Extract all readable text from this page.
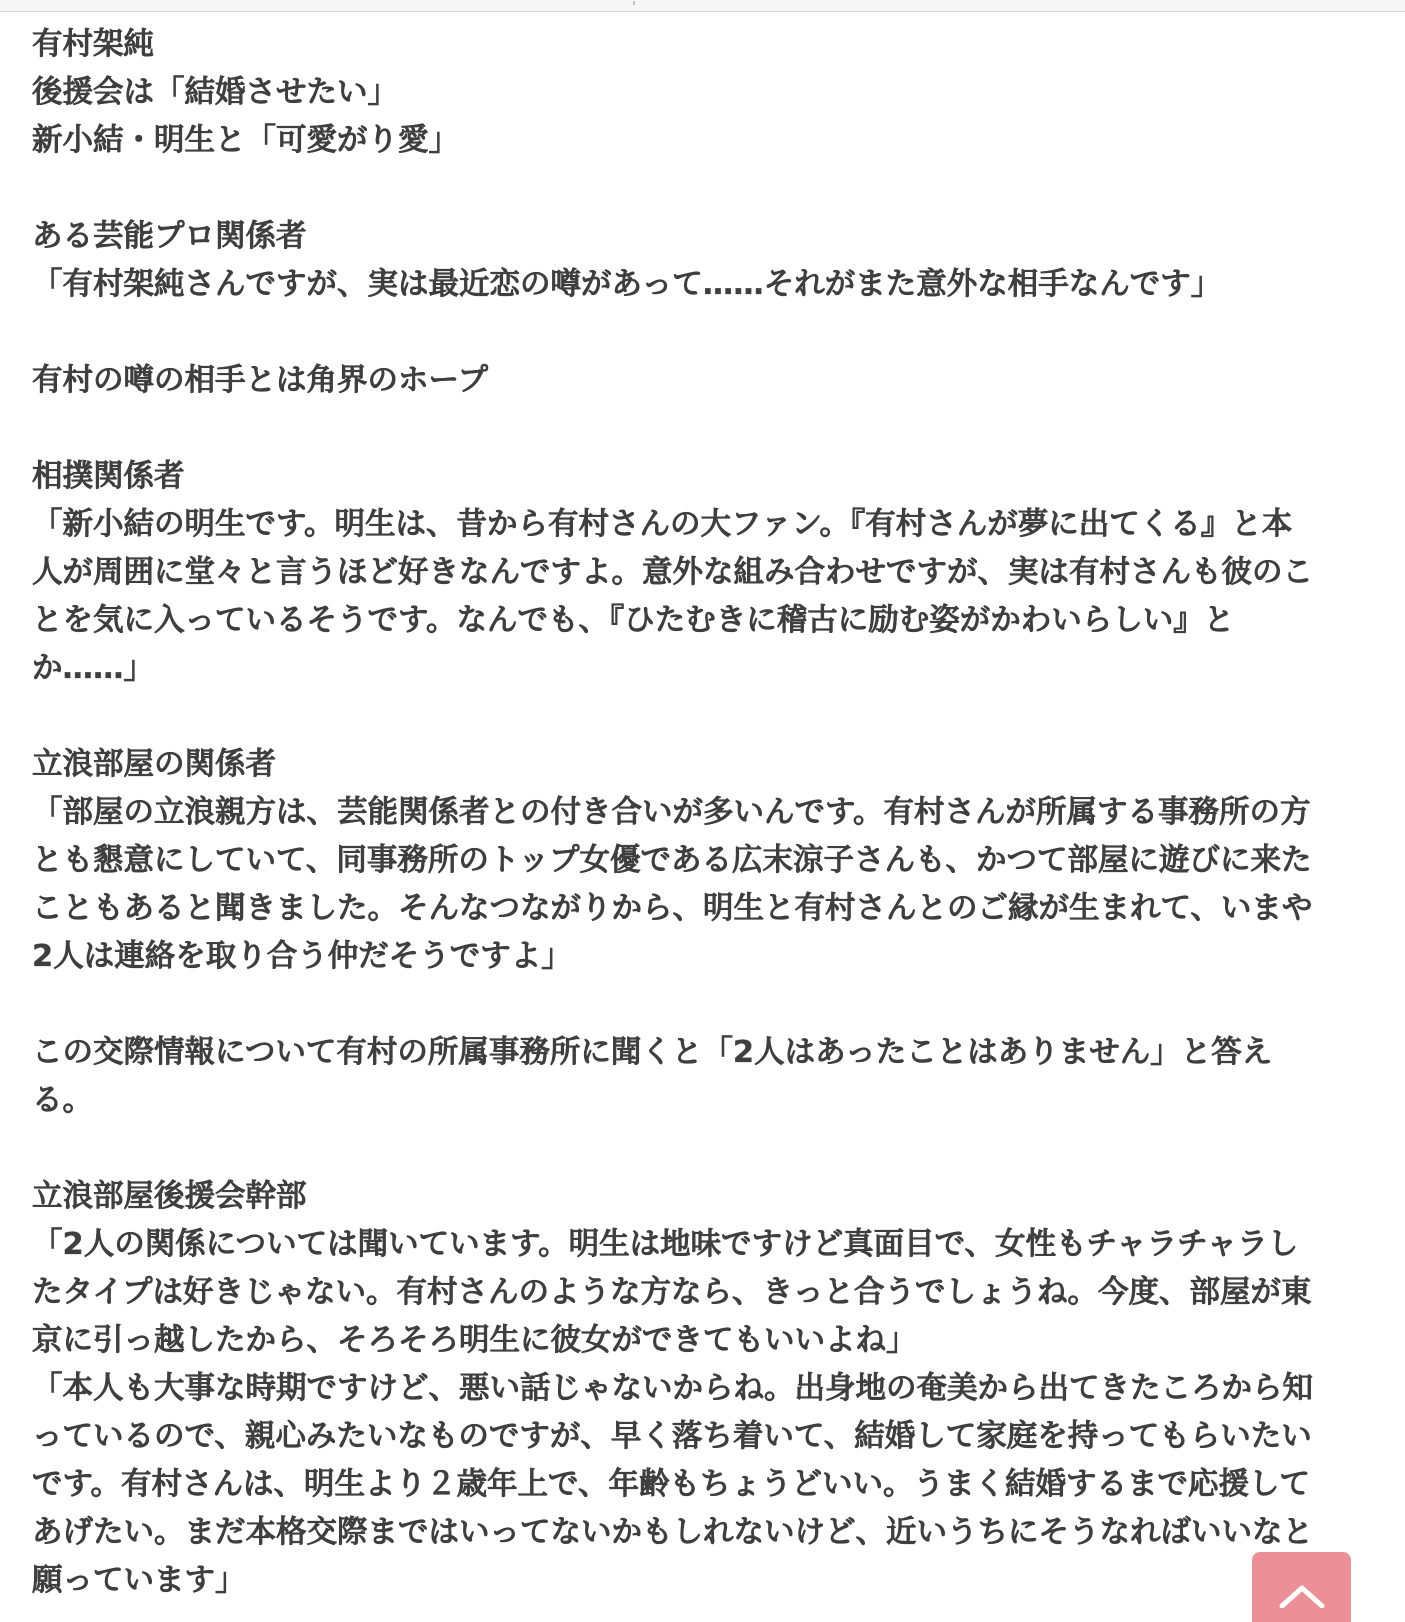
有村架純
後援会は「結婚させたい」
新小結・明生と「可愛がり愛」
ある芸能プロ関係者
「有村架純さんですが、実は最近恋の噂があって……それがまた意外な相手なんです」
有村の噂の相手とは角界のホープ
相撲関係者
「新小結の明生です。明生は、昔から有村さんの大ファン。『有村さんが夢に出てくる』と本
人が周囲に堂々と言うほど好きなんですよ。意外な組み合わせですが、実は有村さんも彼のこ
とを気に入っているそうです。なんでも、『ひたむきに稽古に励む姿がかわいらしい』と
か……」
立浪部屋の関係者
「部屋の立浪親方は、芸能関係者との付き合いが多いんです。有村さんが所属する事務所の方
とも懇意にしていて、同事務所のトップ女優である広末涼子さんも、かつて部屋に遊びに来た
こともあると聞きました。そんなつながりから、明生と有村さんとのご縁が生まれて、いまや
2人は連絡を取り合う仲だそうですよ」
この交際情報について有村の所属事務所に聞くと「2人はあったことはありません」と答え
る。
立浪部屋後援会幹部
「2人の関係については聞いています。明生は地味ですけど真面目で、女性もチャラチャラし
たタイプは好きじゃない。有村さんのような方なら、きっと合うでしょうね。今度、部屋が東
京に引っ越したから、そろそろ明生に彼女ができてもいいよね」
「本人も大事な時期ですけど、悪い話じゃないからね。出身地の奄美から出てきたころから知
っているので、親心みたいなものですが、早く落ち着いて、結婚して家庭を持ってもらいたい
です。有村さんは、明生より２歳年上で、年齢もちょうどいい。うまく結婚するまで応援して
あげたい。まだ本格交際まではいってないかもしれないけど、近いうちにそうなればいいなと
願っています」
